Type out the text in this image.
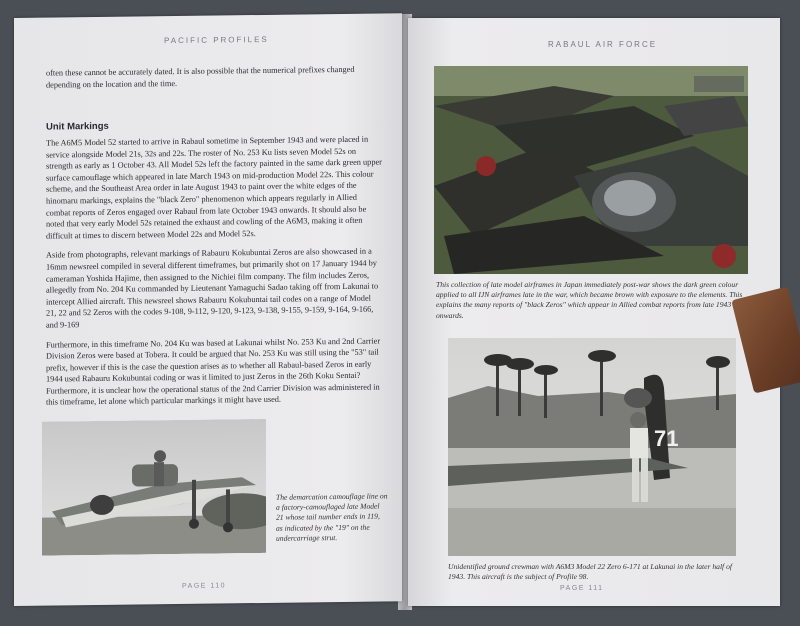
PACIFIC PROFILES

often these cannot be accurately dated. It is also possible that the numerical prefixes changed depending on the location and the time.

Unit Markings

The A6M5 Model 52 started to arrive in Rabaul sometime in September 1943 and were placed in service alongside Model 21s, 32s and 22s. The roster of No. 253 Ku lists seven Model 52s on strength as early as 1 October 43. All Model 52s left the factory painted in the same dark green upper surface camouflage which appeared in late March 1943 on mid-production Model 22s. This colour scheme, and the Southeast Area order in late August 1943 to paint over the white edges of the hinomaru markings, explains the "black Zero" phenomenon which appears regularly in Allied combat reports of Zeros engaged over Rabaul from late October 1943 onwards. It should also be noted that very early Model 52s retained the exhaust and cowling of the A6M3, making it often difficult at times to discern between Model 22s and Model 52s.

Aside from photographs, relevant markings of Rabauru Kokubuntai Zeros are also showcased in a 16mm newsreel compiled in several different timeframes, but primarily shot on 17 January 1944 by cameraman Yoshida Hajime, then assigned to the Nichiei film company. The film includes Zeros, allegedly from No. 204 Ku commanded by Lieutenant Yamaguchi Sadao taking off from Lakunai to intercept Allied aircraft. This newsreel shows Rabauru Kokubuntai tail codes on a range of Model 21, 22 and 52 Zeros with the codes 9-108, 9-112, 9-120, 9-123, 9-138, 9-155, 9-159, 9-164, 9-166, and 9-169

Furthermore, in this timeframe No. 204 Ku was based at Lakunai whilst No. 253 Ku and 2nd Carrier Division Zeros were based at Tobera. It could be argued that No. 253 Ku was still using the "53" tail prefix, however if this is the case the question arises as to whether all Rabaul-based Zeros in early 1944 used Rabauru Kokubuntai coding or was it limited to just Zeros in the 26th Koku Sentai? Furthermore, it is unclear how the operational status of the 2nd Carrier Division was administered in this timeframe, let alone which particular markings it might have used.

The demarcation camouflage line on a factory-camouflaged late Model 21 whose tail number ends in 119, as indicated by the "19" on the undercarriage strut.
PAGE 110
RABAUL AIR FORCE
This collection of late model airframes in Japan immediately post-war shows the dark green colour applied to all IJN airframes late in the war, which became brown with exposure to the elements. This explains the many reports of "black Zeros" which appear in Allied combat reports from late 1943 onwards.
71
Unidentified ground crewman with A6M3 Model 22 Zero 6-171 at Lakunai in the later half of 1943. This aircraft is the subject of Profile 98.
PAGE 111
